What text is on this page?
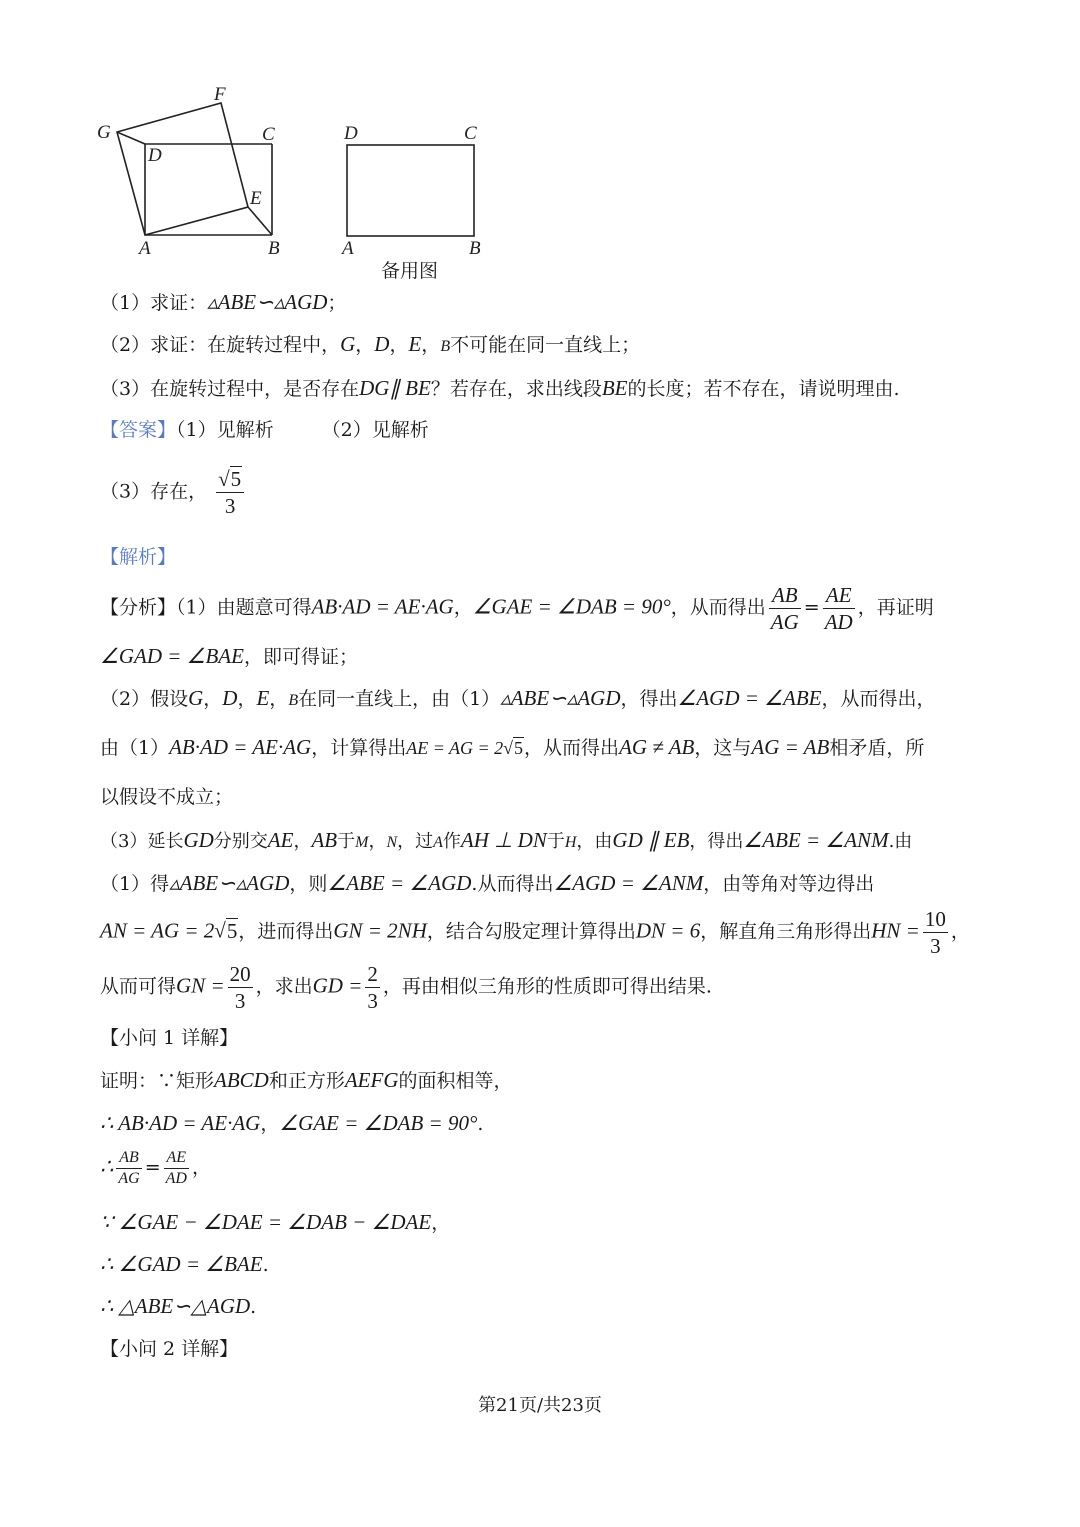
F
G	C
D
E
A	B
D	C
A	B
备用图
（1）求证：▵ABE∽▵AGD；
（2）求证：在旋转过程中，G，D，E，B不可能在同一直线上；
（3）在旋转过程中，是否存在DG∥ BE？若存在，求出线段BE的长度；若不存在，请说明理由.
【答案】（1）见解析	（2）见解析
（3）存在， $\frac{√5}{3}$
【解析】
【分析】（1）由题意可得AB·AD = AE·AG，∠GAE = ∠DAB = 90°，从而得出 $\frac{AB}{AG} = \frac{AE}{AD}$ ，再证明
∠GAD = ∠BAE，即可得证；
（2）假设G，D，E，B在同一直线上，由（1）▵ABE∽▵AGD，得出∠AGD = ∠ABE，从而得出，
由（1）AB·AD = AE·AG，计算得出AE = AG = 2√5，从而得出AG ≠ AB，这与AG = AB相矛盾，所
以假设不成立；
（3）延长GD分别交AE，AB于M，N，过A作AH ⊥ DN于H，由GD ∥ EB，得出∠ABE = ∠ANM.由
（1）得▵ABE∽▵AGD，则∠ABE = ∠AGD.从而得出∠AGD = ∠ANM，由等角对等边得出
AN = AG = 2√5，进而得出GN = 2NH，结合勾股定理计算得出DN = 6，解直角三角形得出HN = $\frac{10}{3}$ ，
从而可得GN = $\frac{20}{3}$ ，求出GD = $\frac{2}{3}$ ，再由相似三角形的性质即可得出结果.
【小问 1 详解】
证明：∵矩形ABCD和正方形AEFG的面积相等，
∴ AB·AD = AE·AG，∠GAE = ∠DAB = 90°.
∴ $\frac{AB}{AG} = \frac{AE}{AD}$ ，
∵ ∠GAE − ∠DAE = ∠DAB − ∠DAE，
∴ ∠GAD = ∠BAE.
∴ △ABE∽△AGD.
【小问 2 详解】
第21页/共23页
